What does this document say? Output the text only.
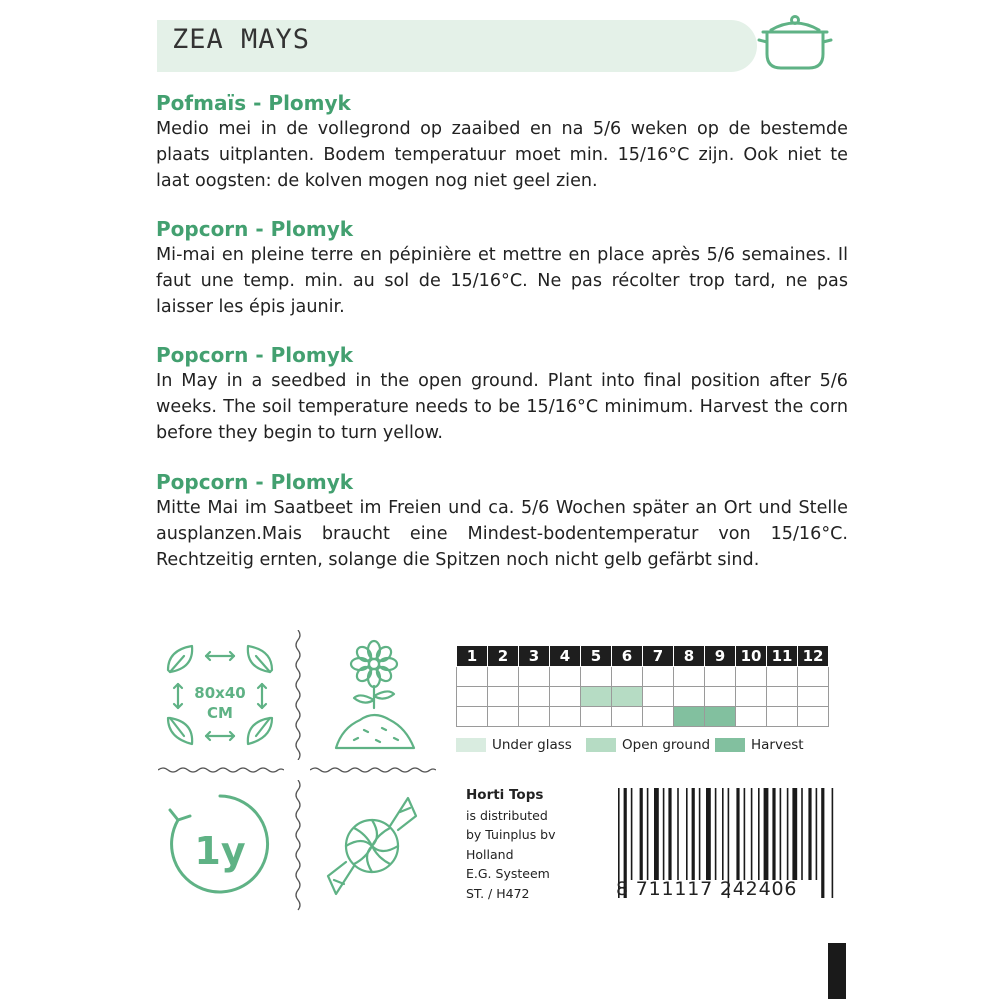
ZEA MAYS
Pofmaïs - Plomyk

Medio mei in de vollegrond op zaaibed en na 5/6 weken op de bestemde plaats uitplanten. Bodem temperatuur moet min. 15/16°C zijn. Ook niet te laat oogsten: de kolven mogen nog niet geel zien.

Popcorn - Plomyk

Mi-mai en pleine terre en pépinière et mettre en place après 5/6 semaines. Il faut une temp. min. au sol de 15/16°C. Ne pas récolter trop tard, ne pas laisser les épis jaunir.

Popcorn - Plomyk

In May in a seedbed in the open ground. Plant into final position after 5/6 weeks. The soil temperature needs to be 15/16°C minimum. Harvest the corn before they begin to turn yellow.

Popcorn - Plomyk

Mitte Mai im Saatbeet im Freien und ca. 5/6 Wochen später an Ort und Stelle ausplanzen.Mais braucht eine Mindest-bodentemperatur von 15/16°C. Rechtzeitig ernten, solange die Spitzen noch nicht gelb gefärbt sind.

80x40
CM
1y
1	2	3	4	5	6	7	8	9	10	11	12

Under glass	Open ground	Harvest
Horti Tops
is distributed
by Tuinplus bv
Holland
E.G. Systeem
ST. / H472	8 711117 242406
